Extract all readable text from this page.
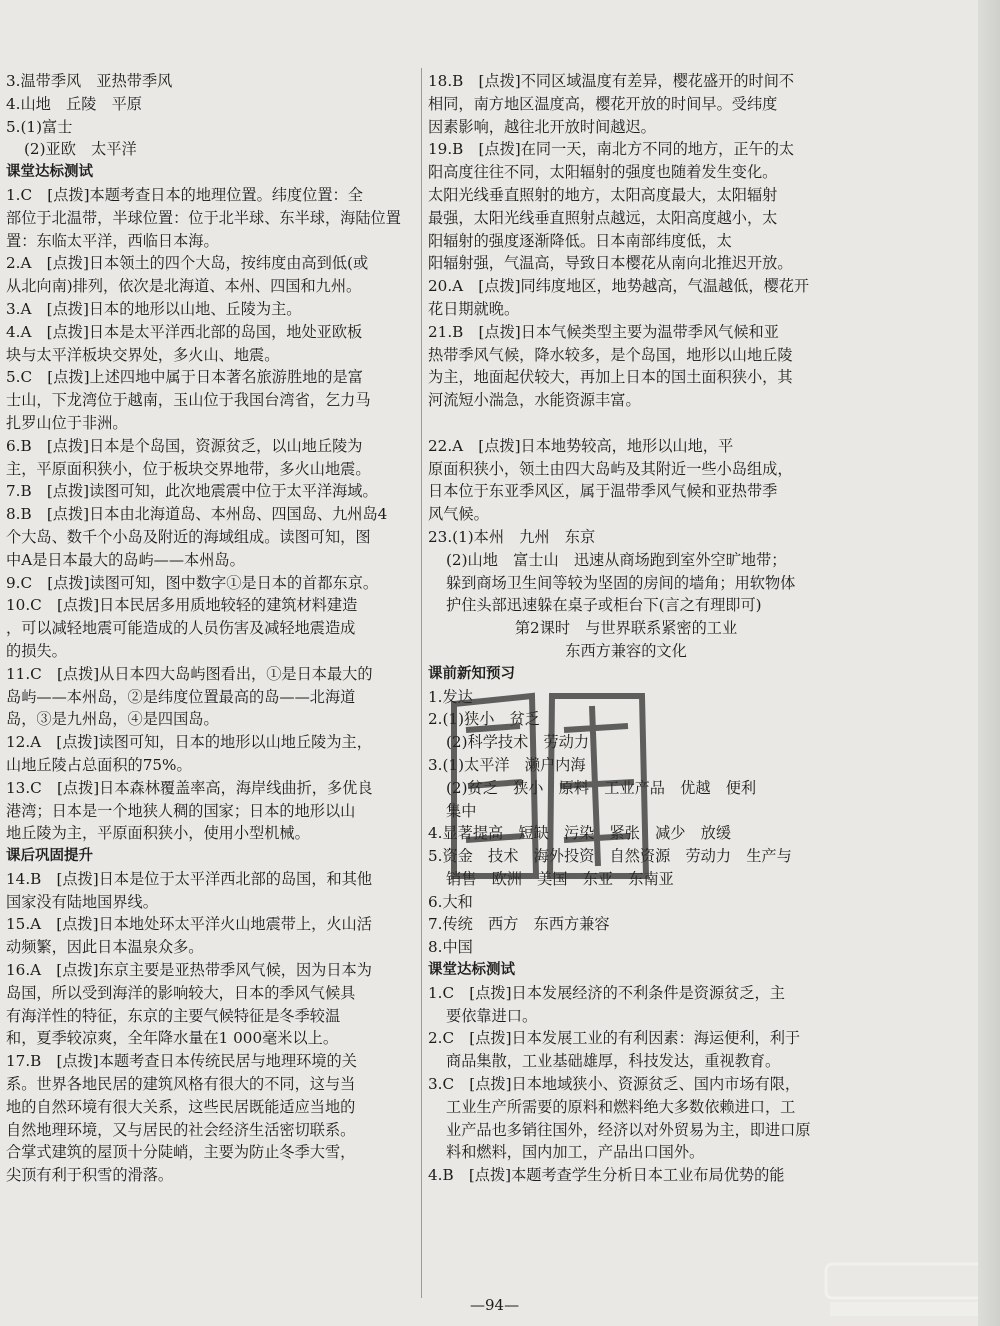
3.温带季风　亚热带季风
4.山地　丘陵　平原
5.(1)富士
(2)亚欧　太平洋
课堂达标测试
1.C　[点拨]本题考查日本的地理位置。纬度位置：全
部位于北温带，半球位置：位于北半球、东半球，海陆位置
置：东临太平洋，西临日本海。
2.A　[点拨]日本领土的四个大岛，按纬度由高到低(或
从北向南)排列，依次是北海道、本州、四国和九州。
3.A　[点拨]日本的地形以山地、丘陵为主。
4.A　[点拨]日本是太平洋西北部的岛国，地处亚欧板
块与太平洋板块交界处，多火山、地震。
5.C　[点拨]上述四地中属于日本著名旅游胜地的是富
士山，下龙湾位于越南，玉山位于我国台湾省，乞力马
扎罗山位于非洲。
6.B　[点拨]日本是个岛国，资源贫乏，以山地丘陵为
主，平原面积狭小，位于板块交界地带，多火山地震。
7.B　[点拨]读图可知，此次地震震中位于太平洋海域。
8.B　[点拨]日本由北海道岛、本州岛、四国岛、九州岛4
个大岛、数千个小岛及附近的海域组成。读图可知，图
中A是日本最大的岛屿——本州岛。
9.C　[点拨]读图可知，图中数字①是日本的首都东京。
10.C　[点拨]日本民居多用质地较轻的建筑材料建造
，可以减轻地震可能造成的人员伤害及减轻地震造成
的损失。
11.C　[点拨]从日本四大岛屿图看出，①是日本最大的
岛屿——本州岛，②是纬度位置最高的岛——北海道
岛，③是九州岛，④是四国岛。
12.A　[点拨]读图可知，日本的地形以山地丘陵为主，
山地丘陵占总面积的75%。
13.C　[点拨]日本森林覆盖率高，海岸线曲折，多优良
港湾；日本是一个地狭人稠的国家；日本的地形以山
地丘陵为主，平原面积狭小，使用小型机械。
课后巩固提升
14.B　[点拨]日本是位于太平洋西北部的岛国，和其他
国家没有陆地国界线。
15.A　[点拨]日本地处环太平洋火山地震带上，火山活
动频繁，因此日本温泉众多。
16.A　[点拨]东京主要是亚热带季风气候，因为日本为
岛国，所以受到海洋的影响较大，日本的季风气候具
有海洋性的特征，东京的主要气候特征是冬季较温
和，夏季较凉爽，全年降水量在1 000毫米以上。
17.B　[点拨]本题考查日本传统民居与地理环境的关
系。世界各地民居的建筑风格有很大的不同，这与当
地的自然环境有很大关系，这些民居既能适应当地的
自然地理环境，又与居民的社会经济生活密切联系。
合掌式建筑的屋顶十分陡峭，主要为防止冬季大雪，
尖顶有利于积雪的滑落。
18.B　[点拨]不同区域温度有差异，樱花盛开的时间不
相同，南方地区温度高，樱花开放的时间早。受纬度
因素影响，越往北开放时间越迟。
19.B　[点拨]在同一天，南北方不同的地方，正午的太
阳高度往往不同，太阳辐射的强度也随着发生变化。
太阳光线垂直照射的地方，太阳高度最大，太阳辐射
最强，太阳光线垂直照射点越远，太阳高度越小，太
阳辐射的强度逐渐降低。日本南部纬度低，太
阳辐射强，气温高，导致日本樱花从南向北推迟开放。
20.A　[点拨]同纬度地区，地势越高，气温越低，樱花开
花日期就晚。
21.B　[点拨]日本气候类型主要为温带季风气候和亚
热带季风气候，降水较多，是个岛国，地形以山地丘陵
为主，地面起伏较大，再加上日本的国土面积狭小，其
河流短小湍急，水能资源丰富。

22.A　[点拨]日本地势较高，地形以山地，平
原面积狭小，领土由四大岛屿及其附近一些小岛组成，
日本位于东亚季风区，属于温带季风气候和亚热带季
风气候。
23.(1)本州　九州　东京
(2)山地　富士山　迅速从商场跑到室外空旷地带；
躲到商场卫生间等较为坚固的房间的墙角；用软物体
护住头部迅速躲在桌子或柜台下(言之有理即可)
第2课时　与世界联系紧密的工业
东西方兼容的文化
课前新知预习
1.发达
2.(1)狭小　贫乏
(2)科学技术　劳动力
3.(1)太平洋　濑户内海
(2)贫乏　狭小　原料　工业产品　优越　便利
集中
4.显著提高　短缺　污染　紧张　减少　放缓
5.资金　技术　海外投资　自然资源　劳动力　生产与
销售　欧洲　美国　东亚　东南亚
6.大和
7.传统　西方　东西方兼容
8.中国
课堂达标测试
1.C　[点拨]日本发展经济的不利条件是资源贫乏，主
要依靠进口。
2.C　[点拨]日本发展工业的有利因素：海运便利，利于
商品集散，工业基础雄厚，科技发达，重视教育。
3.C　[点拨]日本地域狭小、资源贫乏、国内市场有限，
工业生产所需要的原料和燃料绝大多数依赖进口，工
业产品也多销往国外，经济以对外贸易为主，即进口原
料和燃料，国内加工，产品出口国外。
4.B　[点拨]本题考查学生分析日本工业布局优势的能
—94—
